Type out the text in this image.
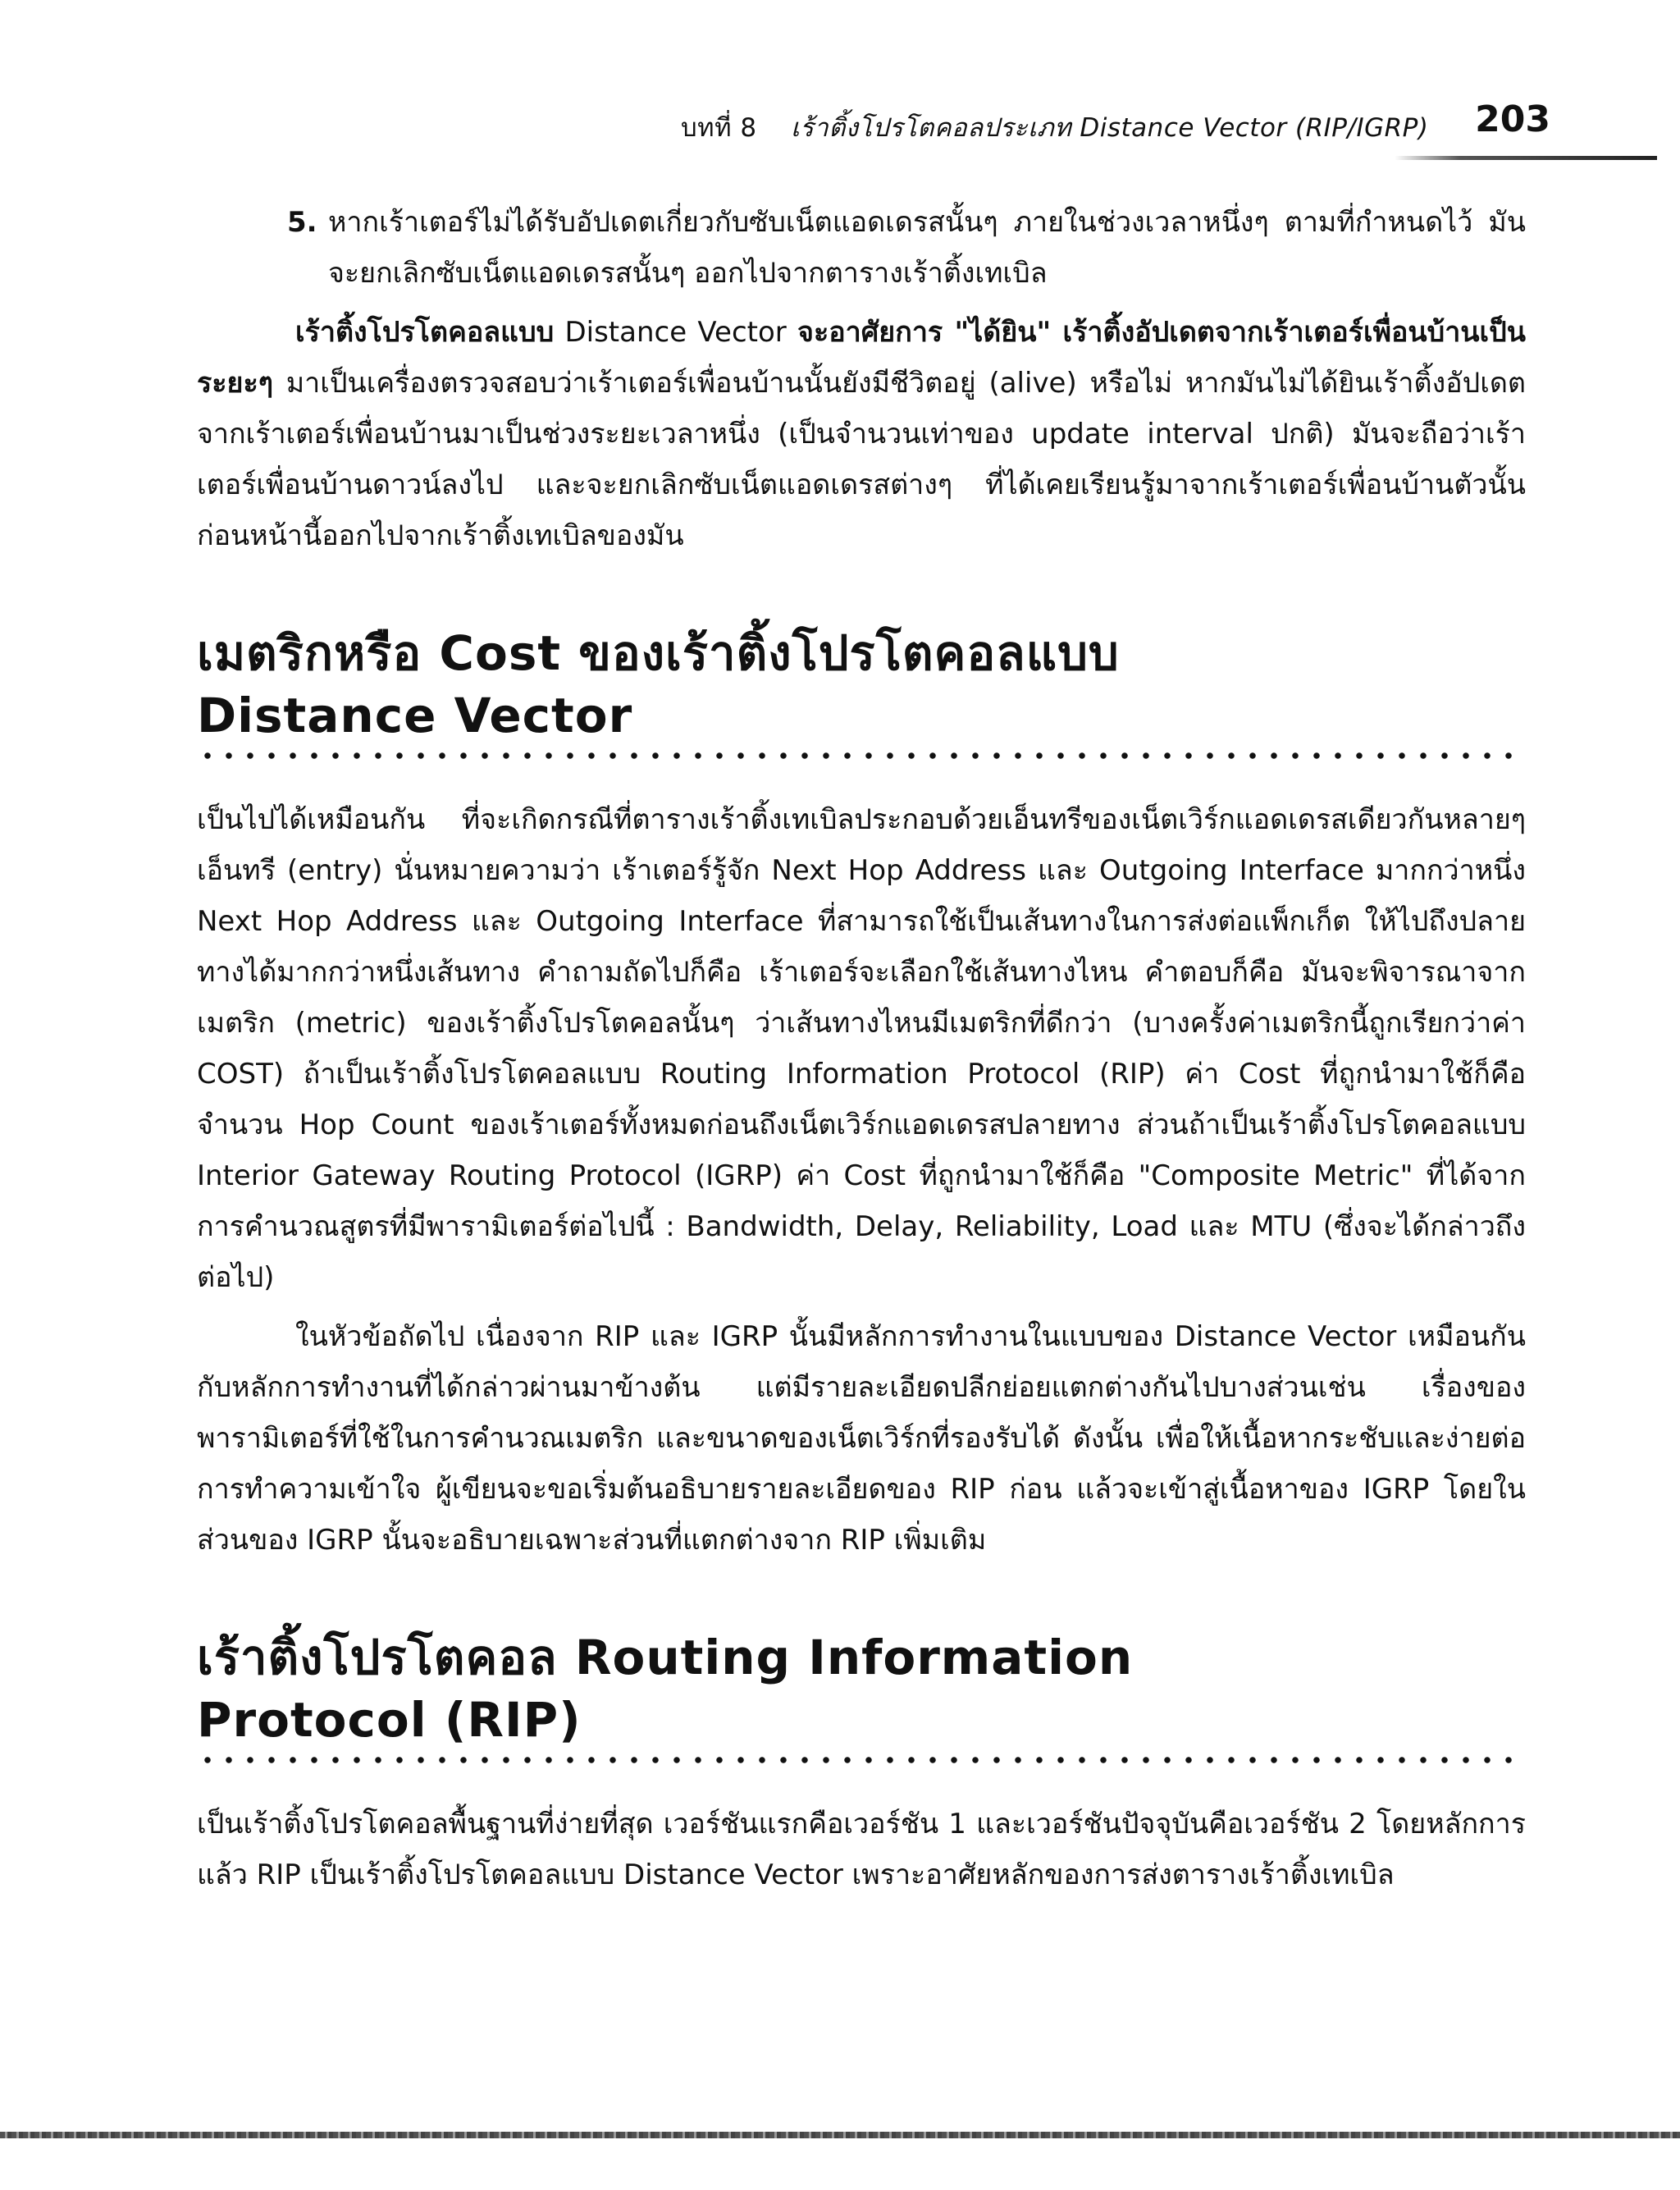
บทที่ 8 เร้าติ้งโปรโตคอลประเภท Distance Vector (RIP/IGRP) 203

5. หากเร้าเตอร์ไม่ได้รับอัปเดตเกี่ยวกับซับเน็ตแอดเดรสนั้นๆ ภายในช่วงเวลาหนึ่งๆ ตามที่กำหนดไว้ มันจะยกเลิกซับเน็ตแอดเดรสนั้นๆ ออกไปจากตารางเร้าติ้งเทเบิล

เร้าติ้งโปรโตคอลแบบ Distance Vector จะอาศัยการ "ได้ยิน" เร้าติ้งอัปเดตจากเร้าเตอร์เพื่อนบ้านเป็นระยะๆ มาเป็นเครื่องตรวจสอบว่าเร้าเตอร์เพื่อนบ้านนั้นยังมีชีวิตอยู่ (alive) หรือไม่ หากมันไม่ได้ยินเร้าติ้งอัปเดตจากเร้าเตอร์เพื่อนบ้านมาเป็นช่วงระยะเวลาหนึ่ง (เป็นจำนวนเท่าของ update interval ปกติ) มันจะถือว่าเร้าเตอร์เพื่อนบ้านดาวน์ลงไป และจะยกเลิกซับเน็ตแอดเดรสต่างๆ ที่ได้เคยเรียนรู้มาจากเร้าเตอร์เพื่อนบ้านตัวนั้นก่อนหน้านี้ออกไปจากเร้าติ้งเทเบิลของมัน

เมตริกหรือ Cost ของเร้าติ้งโปรโตคอลแบบ
Distance Vector

เป็นไปได้เหมือนกัน ที่จะเกิดกรณีที่ตารางเร้าติ้งเทเบิลประกอบด้วยเอ็นทรีของเน็ตเวิร์กแอดเดรสเดียวกันหลายๆ เอ็นทรี (entry) นั่นหมายความว่า เร้าเตอร์รู้จัก Next Hop Address และ Outgoing Interface มากกว่าหนึ่ง Next Hop Address และ Outgoing Interface ที่สามารถใช้เป็นเส้นทางในการส่งต่อแพ็กเก็ต ให้ไปถึงปลายทางได้มากกว่าหนึ่งเส้นทาง คำถามถัดไปก็คือ เร้าเตอร์จะเลือกใช้เส้นทางไหน คำตอบก็คือ มันจะพิจารณาจากเมตริก (metric) ของเร้าติ้งโปรโตคอลนั้นๆ ว่าเส้นทางไหนมีเมตริกที่ดีกว่า (บางครั้งค่าเมตริกนี้ถูกเรียกว่าค่า COST) ถ้าเป็นเร้าติ้งโปรโตคอลแบบ Routing Information Protocol (RIP) ค่า Cost ที่ถูกนำมาใช้ก็คือ จำนวน Hop Count ของเร้าเตอร์ทั้งหมดก่อนถึงเน็ตเวิร์กแอดเดรสปลายทาง ส่วนถ้าเป็นเร้าติ้งโปรโตคอลแบบ Interior Gateway Routing Protocol (IGRP) ค่า Cost ที่ถูกนำมาใช้ก็คือ "Composite Metric" ที่ได้จากการคำนวณสูตรที่มีพารามิเตอร์ต่อไปนี้ : Bandwidth, Delay, Reliability, Load และ MTU (ซึ่งจะได้กล่าวถึงต่อไป)

ในหัวข้อถัดไป เนื่องจาก RIP และ IGRP นั้นมีหลักการทำงานในแบบของ Distance Vector เหมือนกันกับหลักการทำงานที่ได้กล่าวผ่านมาข้างต้น แต่มีรายละเอียดปลีกย่อยแตกต่างกันไปบางส่วนเช่น เรื่องของพารามิเตอร์ที่ใช้ในการคำนวณเมตริก และขนาดของเน็ตเวิร์กที่รองรับได้ ดังนั้น เพื่อให้เนื้อหากระชับและง่ายต่อการทำความเข้าใจ ผู้เขียนจะขอเริ่มต้นอธิบายรายละเอียดของ RIP ก่อน แล้วจะเข้าสู่เนื้อหาของ IGRP โดยในส่วนของ IGRP นั้นจะอธิบายเฉพาะส่วนที่แตกต่างจาก RIP เพิ่มเติม

เร้าติ้งโปรโตคอล Routing Information
Protocol (RIP)

เป็นเร้าติ้งโปรโตคอลพื้นฐานที่ง่ายที่สุด เวอร์ชันแรกคือเวอร์ชัน 1 และเวอร์ชันปัจจุบันคือเวอร์ชัน 2 โดยหลักการแล้ว RIP เป็นเร้าติ้งโปรโตคอลแบบ Distance Vector เพราะอาศัยหลักของการส่งตารางเร้าติ้งเทเบิล
